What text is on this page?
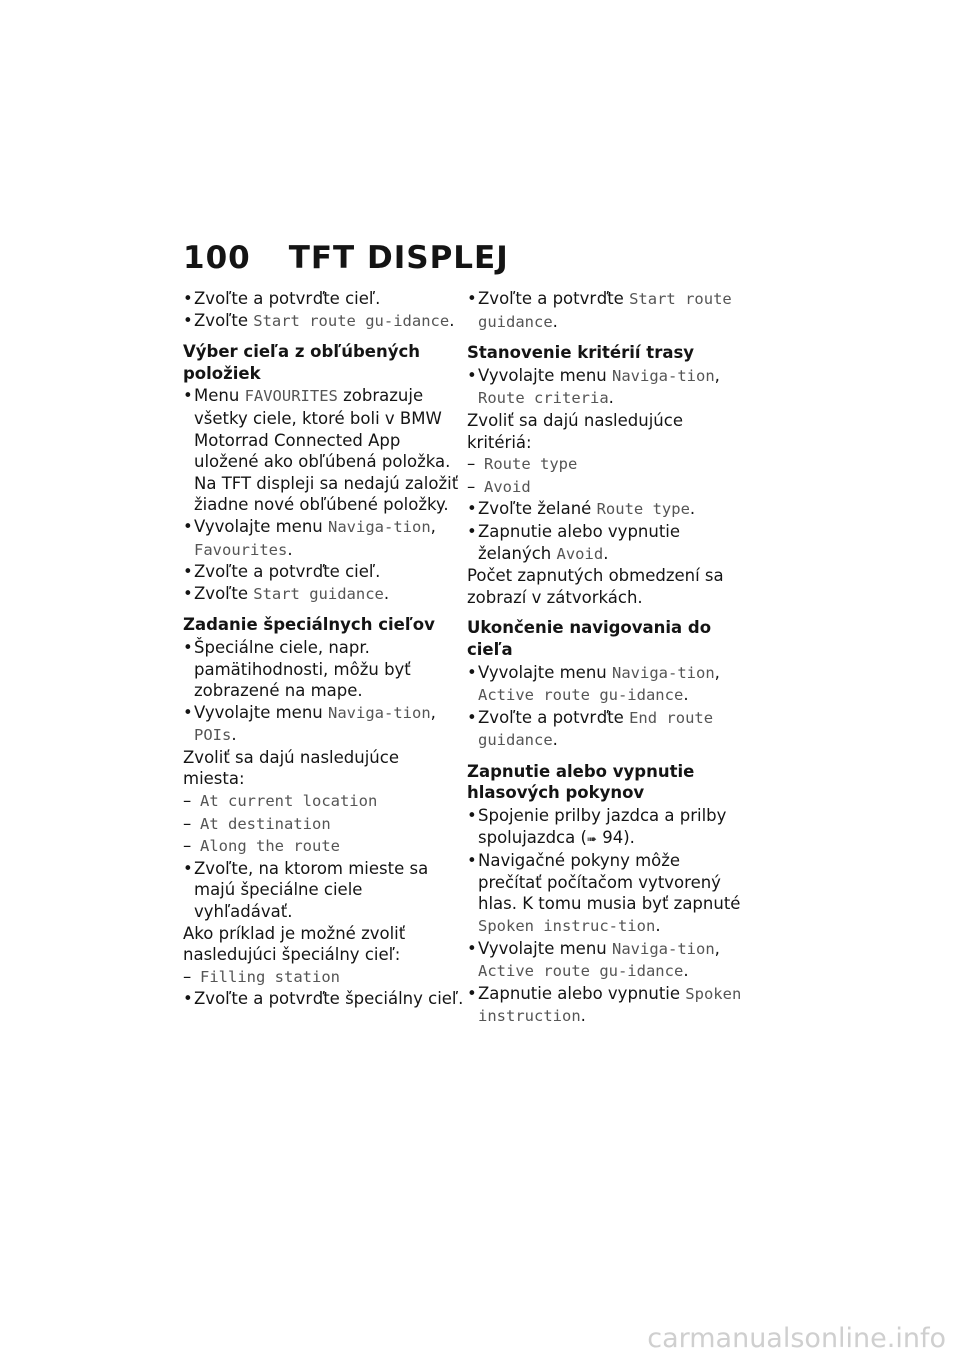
100 TFT DISPLEJ
• Zvoľte a potvrďte cieľ.
• Zvoľte Start route gu-idance.
Výber cieľa z obľúbených položiek
• Menu FAVOURITES zobrazuje všetky ciele, ktoré boli v BMW Motorrad Connected App uložené ako obľúbená položka. Na TFT displeji sa nedajú založiť žiadne nové obľúbené položky.
• Vyvolajte menu Naviga-tion, Favourites.
• Zvoľte a potvrďte cieľ.
• Zvoľte Start guidance.
Zadanie špeciálnych cieľov
• Špeciálne ciele, napr. pamätihodnosti, môžu byť zobrazené na mape.
• Vyvolajte menu Naviga-tion, POIs.
Zvoliť sa dajú nasledujúce miesta:
– At current location
– At destination
– Along the route
• Zvoľte, na ktorom mieste sa majú špeciálne ciele vyhľadávať.
Ako príklad je možné zvoliť nasledujúci špeciálny cieľ:
– Filling station
• Zvoľte a potvrďte špeciálny cieľ.
• Zvoľte a potvrďte Start route guidance.
Stanovenie kritérií trasy
• Vyvolajte menu Naviga-tion, Route criteria.
Zvoliť sa dajú nasledujúce kritériá:
– Route type
– Avoid
• Zvoľte želané Route type.
• Zapnutie alebo vypnutie želaných Avoid.
Počet zapnutých obmedzení sa zobrazí v zátvorkách.
Ukončenie navigovania do cieľa
• Vyvolajte menu Naviga-tion, Active route gu-idance.
• Zvoľte a potvrďte End route guidance.
Zapnutie alebo vypnutie hlasových pokynov
• Spojenie prilby jazdca a prilby spolujazdca (➠ 94).
• Navigačné pokyny môže prečítať počítačom vytvorený hlas. K tomu musia byť zapnuté Spoken instruc-tion.
• Vyvolajte menu Naviga-tion, Active route gu-idance.
• Zapnutie alebo vypnutie Spoken instruction.
carmanualsonline.info
